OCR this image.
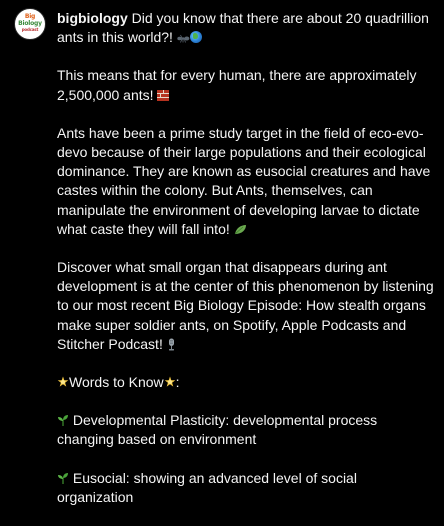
Big
Biology
podcast
bigbiology Did you know that there are about 20 quadrillion ants in this world?!
This means that for every human, there are approximately 2,500,000 ants!
Ants have been a prime study target in the field of eco-evo-devo because of their large populations and their ecological dominance. They are known as eusocial creatures and have castes within the colony. But Ants, themselves, can manipulate the environment of developing larvae to dictate what caste they will fall into!
Discover what small organ that disappears during ant development is at the center of this phenomenon by listening to our most recent Big Biology Episode: How stealth organs make super soldier ants, on Spotify, Apple Podcasts and Stitcher Podcast!
Words to Know :
Developmental Plasticity: developmental process changing based on environment
Eusocial: showing an advanced level of social organization
